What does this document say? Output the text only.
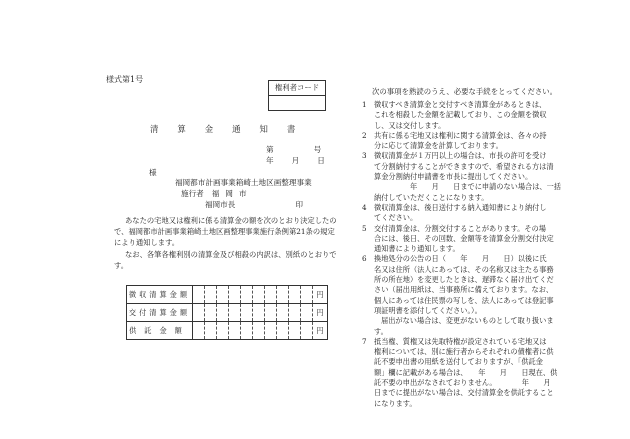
様式第1号
権利者コード
清算金通知書
第	号
年 月 日
様
福岡都市計画事業箱崎土地区画整理事業
施行者 福岡市
福岡市長	印
あなたの宅地又は権利に係る清算金の額を次のとおり決定したので、福岡都市計画事業箱崎土地区画整理事業施行条例第21条の規定により通知します。
なお、各筆各権利別の清算金及び相殺の内訳は、別紙のとおりです。
徴収清算金額											円
交付清算金額											円
供託金額											円
次の事項を熟読のうえ、必要な手続をとってください。
1	徴収すべき清算金と交付すべき清算金があるときは、
これを相殺した金額を記載しており、この金額を徴収
し、又は交付します。
2	共有に係る宅地又は権利に関する清算金は、各々の持
分に応じて清算金を計算しております。
3	徴収清算金が１万円以上の場合は、市長の許可を受け
て分割納付することができますので、希望される方は清
算金分割納付申請書を市長に提出してください。
年　　月　　日までに申請のない場合は、一括
納付していただくことになります。
4	徴収清算金は、後日送付する納入通知書により納付し
てください。
5	交付清算金は、分割交付することがあります。その場
合には、後日、その回数、金額等を清算金分割交付決定
通知書により通知します。
6	換地処分の公告の日（　　年　　月　　日）以後に氏
名又は住所（法人にあっては、その名称又は主たる事務
所の所在地）を変更したときは、遅滞なく届け出てくだ
さい（届出用紙は、当事務所に備えております。なお、
個人にあっては住民票の写しを、法人にあっては登記事
項証明書を添付してください。）。
届出がない場合は、変更がないものとして取り扱いま
す。
7	抵当権、質権又は先取特権が設定されている宅地又は
権利については、別に施行者からそれぞれの債権者に供
託不要申出書の用紙を送付しておりますが、「供託金
額」欄に記載がある場合は、　　年　　月　　日現在、供
託不要の申出がなされておりません。　　　　年　　月
日までに提出がない場合は、交付清算金を供託すること
になります。
